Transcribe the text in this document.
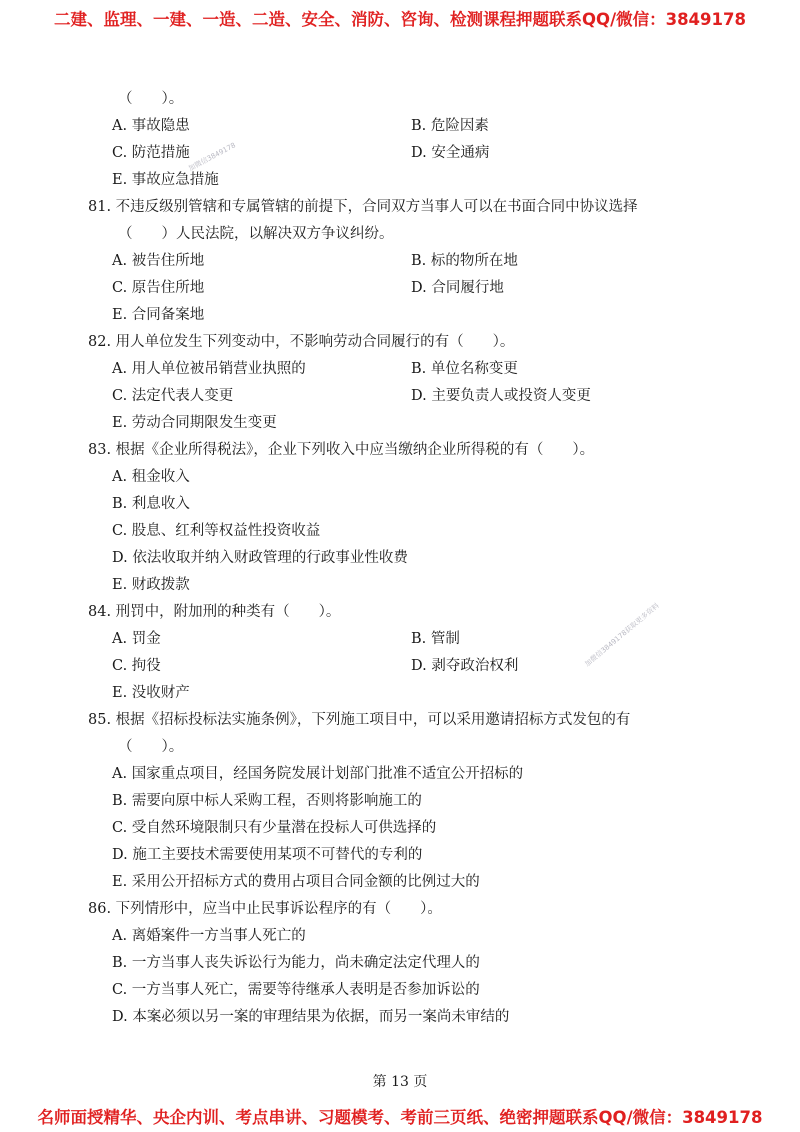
二建、监理、一建、一造、二造、安全、消防、咨询、检测课程押题联系QQ/微信：3849178
（　　）。
A. 事故隐患	B. 危险因素
C. 防范措施	D. 安全通病
E. 事故应急措施
81. 不违反级别管辖和专属管辖的前提下，合同双方当事人可以在书面合同中协议选择
（　　）人民法院，以解决双方争议纠纷。
A. 被告住所地	B. 标的物所在地
C. 原告住所地	D. 合同履行地
E. 合同备案地
82. 用人单位发生下列变动中，不影响劳动合同履行的有（　　）。
A. 用人单位被吊销营业执照的	B. 单位名称变更
C. 法定代表人变更	D. 主要负责人或投资人变更
E. 劳动合同期限发生变更
83. 根据《企业所得税法》，企业下列收入中应当缴纳企业所得税的有（　　）。
A. 租金收入
B. 利息收入
C. 股息、红利等权益性投资收益
D. 依法收取并纳入财政管理的行政事业性收费
E. 财政拨款
84. 刑罚中，附加刑的种类有（　　）。
A. 罚金	B. 管制
C. 拘役	D. 剥夺政治权利
E. 没收财产
85. 根据《招标投标法实施条例》，下列施工项目中，可以采用邀请招标方式发包的有
（　　）。
A. 国家重点项目，经国务院发展计划部门批准不适宜公开招标的
B. 需要向原中标人采购工程，否则将影响施工的
C. 受自然环境限制只有少量潜在投标人可供选择的
D. 施工主要技术需要使用某项不可替代的专利的
E. 采用公开招标方式的费用占项目合同金额的比例过大的
86. 下列情形中，应当中止民事诉讼程序的有（　　）。
A. 离婚案件一方当事人死亡的
B. 一方当事人丧失诉讼行为能力，尚未确定法定代理人的
C. 一方当事人死亡，需要等待继承人表明是否参加诉讼的
D. 本案必须以另一案的审理结果为依据，而另一案尚未审结的
加微信3849178
加微信3849178获取更多资料
第 13 页
名师面授精华、央企内训、考点串讲、习题模考、考前三页纸、绝密押题联系QQ/微信：3849178
